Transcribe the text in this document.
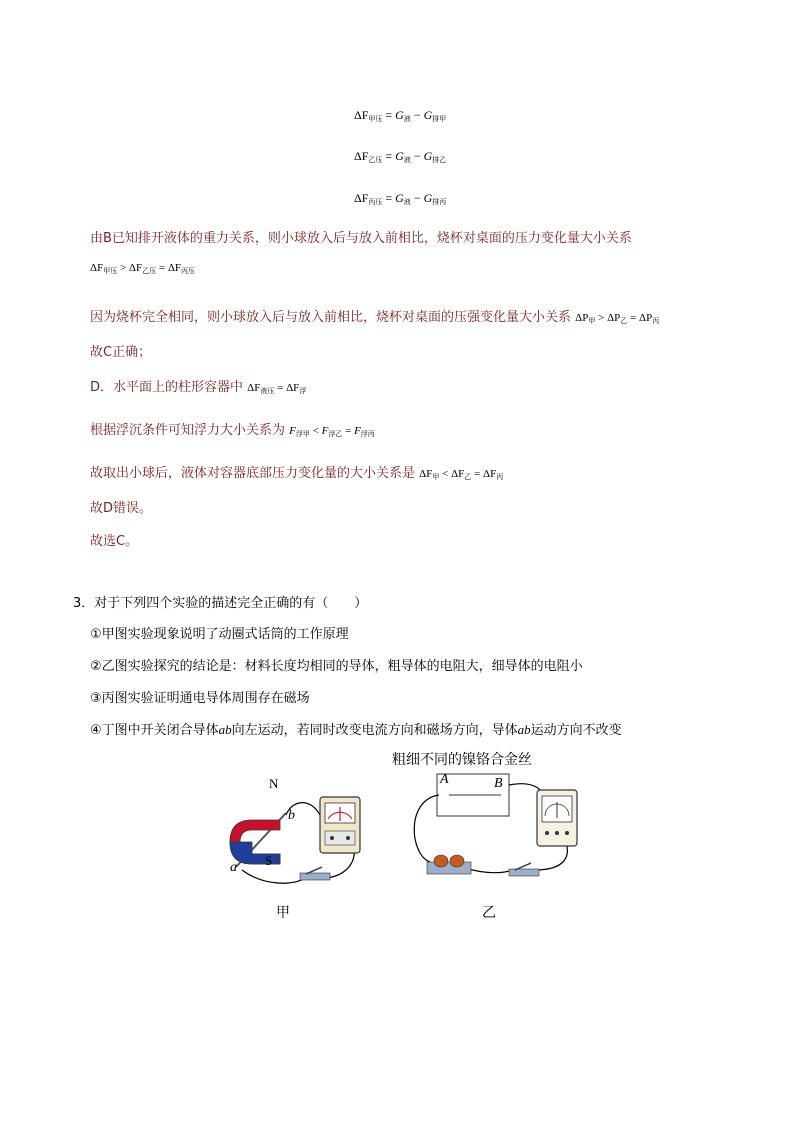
$\Delta F_{甲压} = G_液 - G_{排甲}$
$\Delta F_{乙压} = G_液 - G_{排乙}$
$\Delta F_{丙压} = G_液 - G_{排丙}$
由B已知排开液体的重力关系，则小球放入后与放入前相比，烧杯对桌面的压力变化量大小关系
$\Delta F_{甲压} > \Delta F_{乙压} = \Delta F_{丙压}$
因为烧杯完全相同，则小球放入后与放入前相比，烧杯对桌面的压强变化量大小关系 $\Delta P_甲 > \Delta P_乙 = \Delta P_丙$
故C正确；
D．水平面上的柱形容器中 $\Delta F_{液压} = \Delta F_浮$
根据浮沉条件可知浮力大小关系为 $F_{浮甲} < F_{浮乙} = F_{浮丙}$
故取出小球后，液体对容器底部压力变化量的大小关系是 $\Delta F_甲 < \Delta F_乙 = \Delta F_丙$
故D错误。
故选C。
3．对于下列四个实验的描述完全正确的有（　　）
①甲图实验现象说明了动圈式话筒的工作原理
②乙图实验探究的结论是：材料长度均相同的导体，粗导体的电阻大，细导体的电阻小
③丙图实验证明通电导体周围存在磁场
④丁图中开关闭合导体ab向左运动，若同时改变电流方向和磁场方向，导体ab运动方向不改变
粗细不同的镍铬合金丝
N
b
S
a
甲
A	B
乙
